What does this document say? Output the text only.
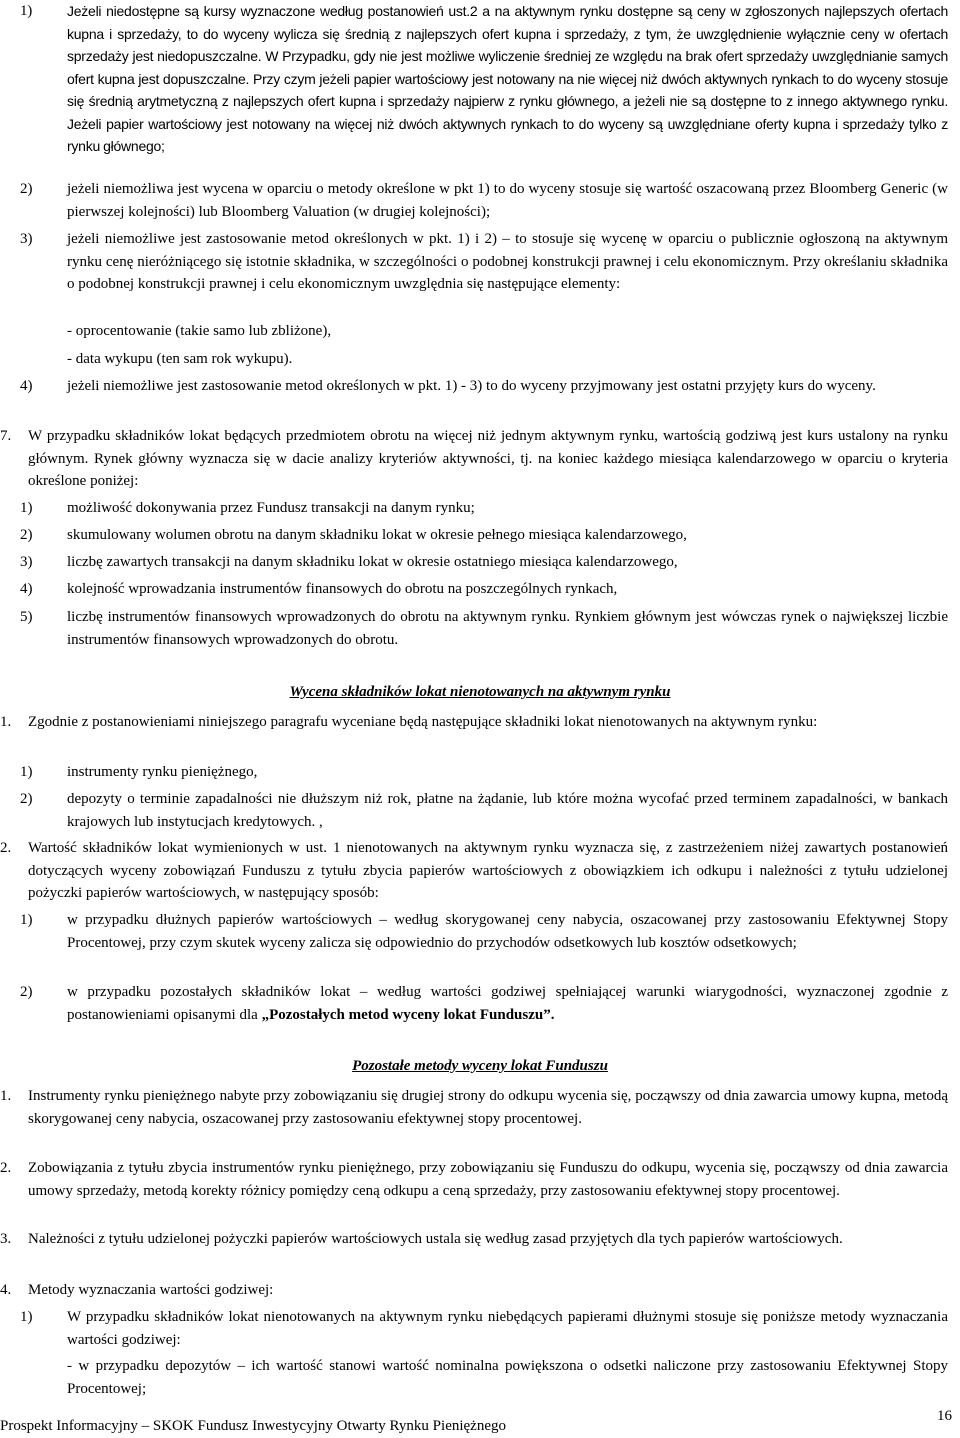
1)	Jeżeli niedostępne są kursy wyznaczone według postanowień ust.2 a na aktywnym rynku dostępne są ceny w zgłoszonych najlepszych ofertach kupna i sprzedaży, to do wyceny wylicza się średnią z najlepszych ofert kupna i sprzedaży, z tym, że uwzględnienie wyłącznie ceny w ofertach sprzedaży jest niedopuszczalne. W Przypadku, gdy nie jest możliwe wyliczenie średniej ze względu na brak ofert sprzedaży uwzględnianie samych ofert kupna jest dopuszczalne. Przy czym jeżeli papier wartościowy jest notowany na nie więcej niż dwóch aktywnych rynkach to do wyceny stosuje się średnią arytmetyczną z najlepszych ofert kupna i sprzedaży najpierw z rynku głównego, a jeżeli nie są dostępne to z innego aktywnego rynku. Jeżeli papier wartościowy jest notowany na więcej niż dwóch aktywnych rynkach to do wyceny są uwzględniane oferty kupna i sprzedaży tylko z rynku głównego;
2) jeżeli niemożliwa jest wycena w oparciu o metody określone w pkt 1) to do wyceny stosuje się wartość oszacowaną przez Bloomberg Generic (w pierwszej kolejności) lub Bloomberg Valuation (w drugiej kolejności);
3) jeżeli niemożliwe jest zastosowanie metod określonych w pkt. 1) i 2) – to stosuje się wycenę w oparciu o publicznie ogłoszoną na aktywnym rynku cenę nieróżniącego się istotnie składnika, w szczególności o podobnej konstrukcji prawnej i celu ekonomicznym. Przy określaniu składnika o podobnej konstrukcji prawnej i celu ekonomicznym uwzględnia się następujące elementy:
- oprocentowanie (takie samo lub zbliżone),
- data wykupu (ten sam rok wykupu).
4) jeżeli niemożliwe jest zastosowanie metod określonych w pkt. 1) - 3) to do wyceny przyjmowany jest ostatni przyjęty kurs do wyceny.
7. W przypadku składników lokat będących przedmiotem obrotu na więcej niż jednym aktywnym rynku, wartością godziwą jest kurs ustalony na rynku głównym. Rynek główny wyznacza się w dacie analizy kryteriów aktywności, tj. na koniec każdego miesiąca kalendarzowego w oparciu o kryteria określone poniżej:
1) możliwość dokonywania przez Fundusz transakcji na danym rynku;
2) skumulowany wolumen obrotu na danym składniku lokat w okresie pełnego miesiąca kalendarzowego,
3) liczbę zawartych transakcji na danym składniku lokat w okresie ostatniego miesiąca kalendarzowego,
4) kolejność wprowadzania instrumentów finansowych do obrotu na poszczególnych rynkach,
5) liczbę instrumentów finansowych wprowadzonych do obrotu na aktywnym rynku. Rynkiem głównym jest wówczas rynek o największej liczbie instrumentów finansowych wprowadzonych do obrotu.
Wycena składników lokat nienotowanych na aktywnym rynku
1. Zgodnie z postanowieniami niniejszego paragrafu wyceniane będą następujące składniki lokat nienotowanych na aktywnym rynku:
1) instrumenty rynku pieniężnego,
2) depozyty o terminie zapadalności nie dłuższym niż rok, płatne na żądanie, lub które można wycofać przed terminem zapadalności, w bankach krajowych lub instytucjach kredytowych. ,
2. Wartość składników lokat wymienionych w ust. 1 nienotowanych na aktywnym rynku wyznacza się, z zastrzeżeniem niżej zawartych postanowień dotyczących wyceny zobowiązań Funduszu z tytułu zbycia papierów wartościowych z obowiązkiem ich odkupu i należności z tytułu udzielonej pożyczki papierów wartościowych, w następujący sposób:
1) w przypadku dłużnych papierów wartościowych – według skorygowanej ceny nabycia, oszacowanej przy zastosowaniu Efektywnej Stopy Procentowej, przy czym skutek wyceny zalicza się odpowiednio do przychodów odsetkowych lub kosztów odsetkowych;
2) w przypadku pozostałych składników lokat – według wartości godziwej spełniającej warunki wiarygodności, wyznaczonej zgodnie z postanowieniami opisanymi dla „Pozostałych metod wyceny lokat Funduszu”.
Pozostałe metody wyceny lokat Funduszu
1. Instrumenty rynku pieniężnego nabyte przy zobowiązaniu się drugiej strony do odkupu wycenia się, począwszy od dnia zawarcia umowy kupna, metodą skorygowanej ceny nabycia, oszacowanej przy zastosowaniu efektywnej stopy procentowej.
2. Zobowiązania z tytułu zbycia instrumentów rynku pieniężnego, przy zobowiązaniu się Funduszu do odkupu, wycenia się, począwszy od dnia zawarcia umowy sprzedaży, metodą korekty różnicy pomiędzy ceną odkupu a ceną sprzedaży, przy zastosowaniu efektywnej stopy procentowej.
3. Należności z tytułu udzielonej pożyczki papierów wartościowych ustala się według zasad przyjętych dla tych papierów wartościowych.
4. Metody wyznaczania wartości godziwej:
1) W przypadku składników lokat nienotowanych na aktywnym rynku niebędących papierami dłużnymi stosuje się poniższe metody wyznaczania wartości godziwej:
- w przypadku depozytów – ich wartość stanowi wartość nominalna powiększona o odsetki naliczone przy zastosowaniu Efektywnej Stopy Procentowej;
Prospekt Informacyjny – SKOK Fundusz Inwestycyjny Otwarty Rynku Pieniężnego
16
